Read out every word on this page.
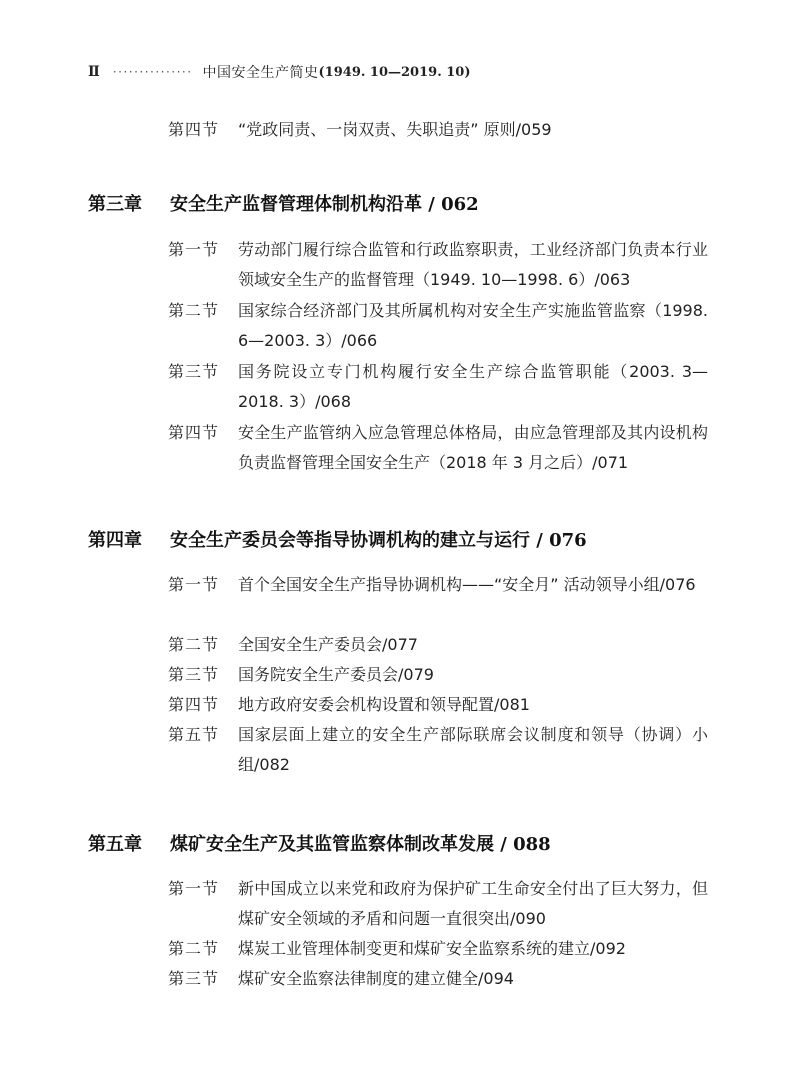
Ⅱ ··············· 中国安全生产简史 (1949. 10—2019. 10)
第四节	“党政同责、一岗双责、失职追责” 原则/059
第三章 安全生产监督管理体制机构沿革 / 062
第一节	劳动部门履行综合监管和行政监察职责，工业经济部门负责本行业领域安全生产的监督管理（1949. 10—1998. 6）/063
第二节	国家综合经济部门及其所属机构对安全生产实施监管监察（1998. 6—2003. 3）/066
第三节	国务院设立专门机构履行安全生产综合监管职能（2003. 3—2018. 3）/068
第四节	安全生产监管纳入应急管理总体格局，由应急管理部及其内设机构负责监督管理全国安全生产（2018 年 3 月之后）/071
第四章 安全生产委员会等指导协调机构的建立与运行 / 076
第一节	首个全国安全生产指导协调机构——“安全月” 活动领导小组/076
第二节	全国安全生产委员会/077
第三节	国务院安全生产委员会/079
第四节	地方政府安委会机构设置和领导配置/081
第五节	国家层面上建立的安全生产部际联席会议制度和领导（协调）小组/082
第五章 煤矿安全生产及其监管监察体制改革发展 / 088
第一节	新中国成立以来党和政府为保护矿工生命安全付出了巨大努力，但煤矿安全领域的矛盾和问题一直很突出/090
第二节	煤炭工业管理体制变更和煤矿安全监察系统的建立/092
第三节	煤矿安全监察法律制度的建立健全/094
